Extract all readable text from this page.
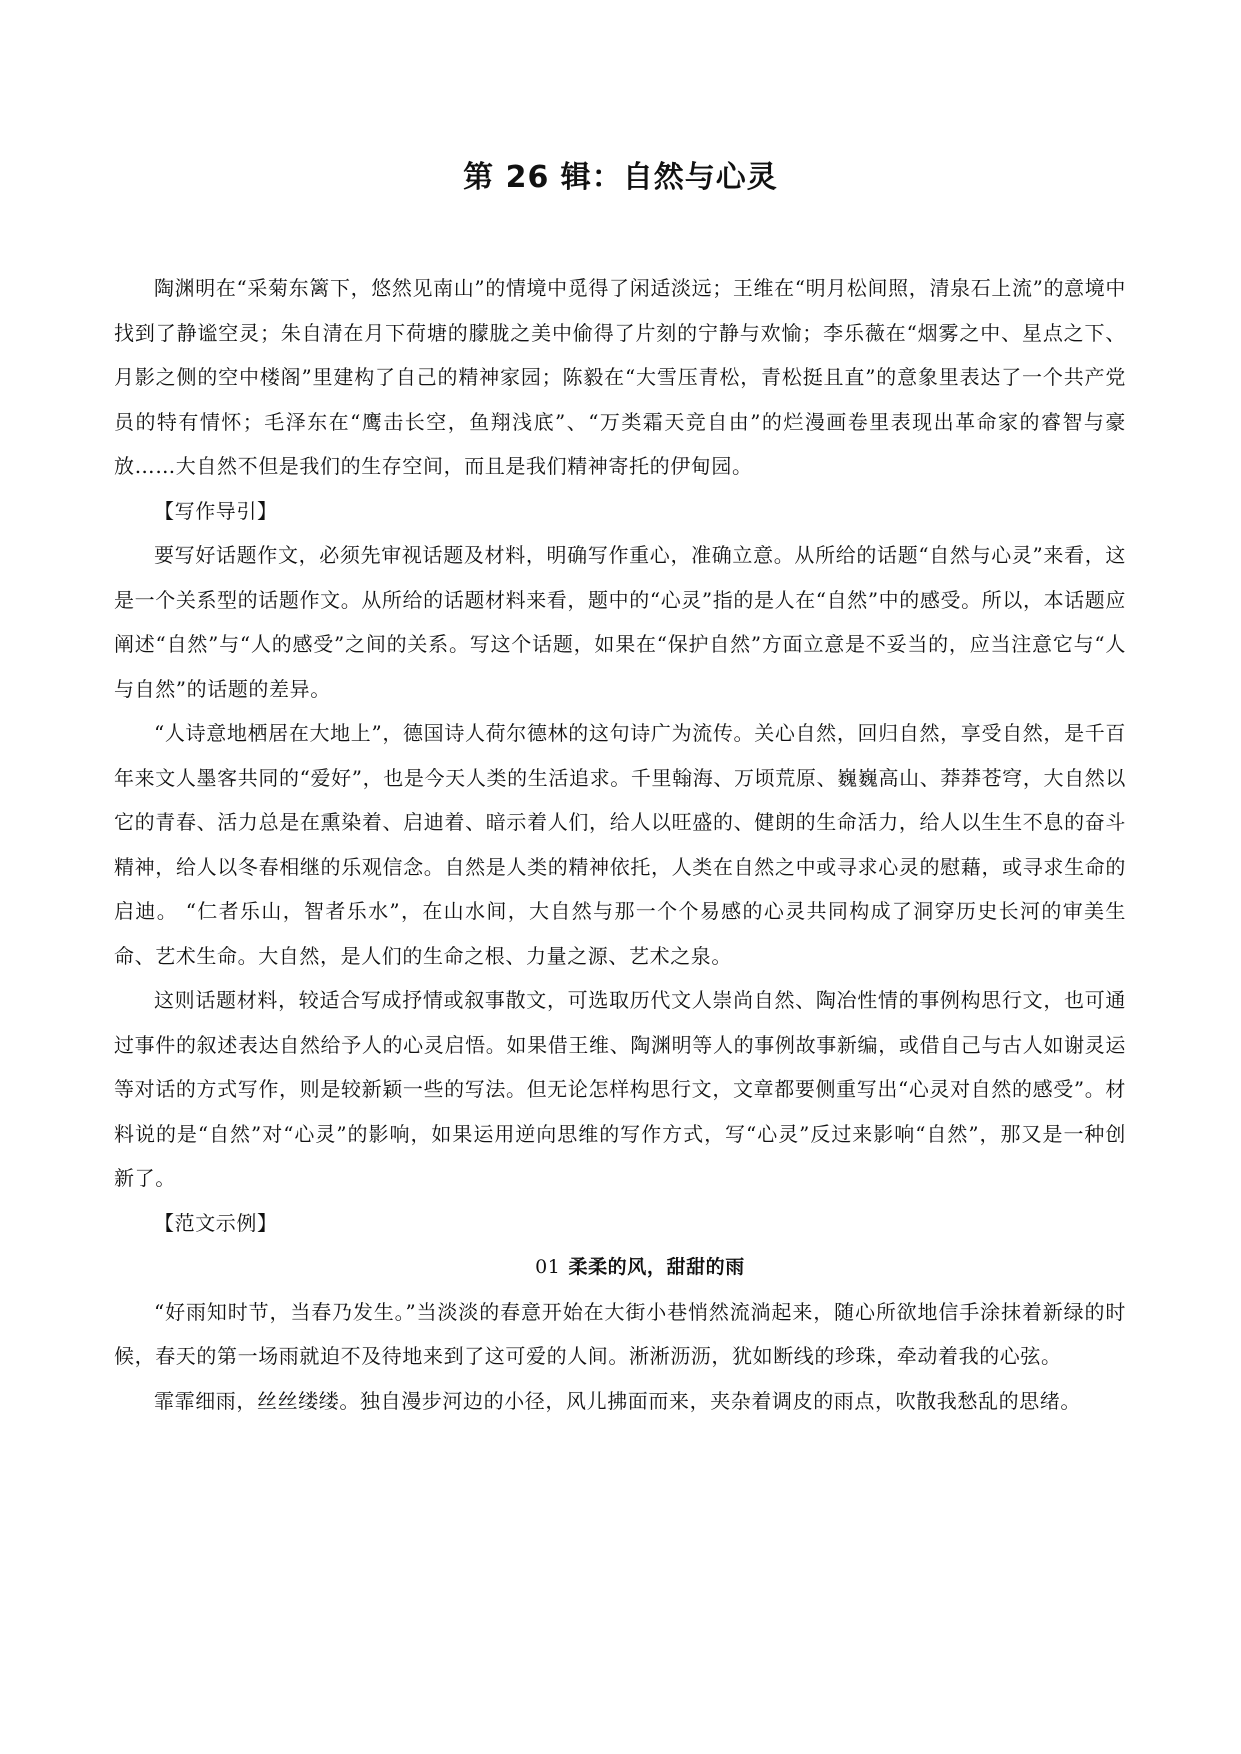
第 26 辑：自然与心灵

陶渊明在“采菊东篱下，悠然见南山”的情境中觅得了闲适淡远；王维在“明月松间照，清泉石上流”的意境中找到了静谧空灵；朱自清在月下荷塘的朦胧之美中偷得了片刻的宁静与欢愉；李乐薇在“烟雾之中、星点之下、月影之侧的空中楼阁”里建构了自己的精神家园；陈毅在“大雪压青松，青松挺且直”的意象里表达了一个共产党员的特有情怀；毛泽东在“鹰击长空，鱼翔浅底”、“万类霜天竞自由”的烂漫画卷里表现出革命家的睿智与豪放……大自然不但是我们的生存空间，而且是我们精神寄托的伊甸园。

【写作导引】

要写好话题作文，必须先审视话题及材料，明确写作重心，准确立意。从所给的话题“自然与心灵”来看，这是一个关系型的话题作文。从所给的话题材料来看，题中的“心灵”指的是人在“自然”中的感受。所以，本话题应阐述“自然”与“人的感受”之间的关系。写这个话题，如果在“保护自然”方面立意是不妥当的，应当注意它与“人与自然”的话题的差异。

“人诗意地栖居在大地上”，德国诗人荷尔德林的这句诗广为流传。关心自然，回归自然，享受自然，是千百年来文人墨客共同的“爱好”，也是今天人类的生活追求。千里翰海、万顷荒原、巍巍高山、莽莽苍穹，大自然以它的青春、活力总是在熏染着、启迪着、暗示着人们，给人以旺盛的、健朗的生命活力，给人以生生不息的奋斗精神，给人以冬春相继的乐观信念。自然是人类的精神依托，人类在自然之中或寻求心灵的慰藉，或寻求生命的启迪。 “仁者乐山，智者乐水”，在山水间，大自然与那一个个易感的心灵共同构成了洞穿历史长河的审美生命、艺术生命。大自然，是人们的生命之根、力量之源、艺术之泉。

这则话题材料，较适合写成抒情或叙事散文，可选取历代文人崇尚自然、陶冶性情的事例构思行文，也可通过事件的叙述表达自然给予人的心灵启悟。如果借王维、陶渊明等人的事例故事新编，或借自己与古人如谢灵运等对话的方式写作，则是较新颖一些的写法。但无论怎样构思行文，文章都要侧重写出“心灵对自然的感受”。材料说的是“自然”对“心灵”的影响，如果运用逆向思维的写作方式，写“心灵”反过来影响“自然”，那又是一种创新了。

【范文示例】

01 柔柔的风，甜甜的雨

“好雨知时节，当春乃发生。”当淡淡的春意开始在大街小巷悄然流淌起来，随心所欲地信手涂抹着新绿的时候，春天的第一场雨就迫不及待地来到了这可爱的人间。淅淅沥沥，犹如断线的珍珠，牵动着我的心弦。

霏霏细雨，丝丝缕缕。独自漫步河边的小径，风儿拂面而来，夹杂着调皮的雨点，吹散我愁乱的思绪。
